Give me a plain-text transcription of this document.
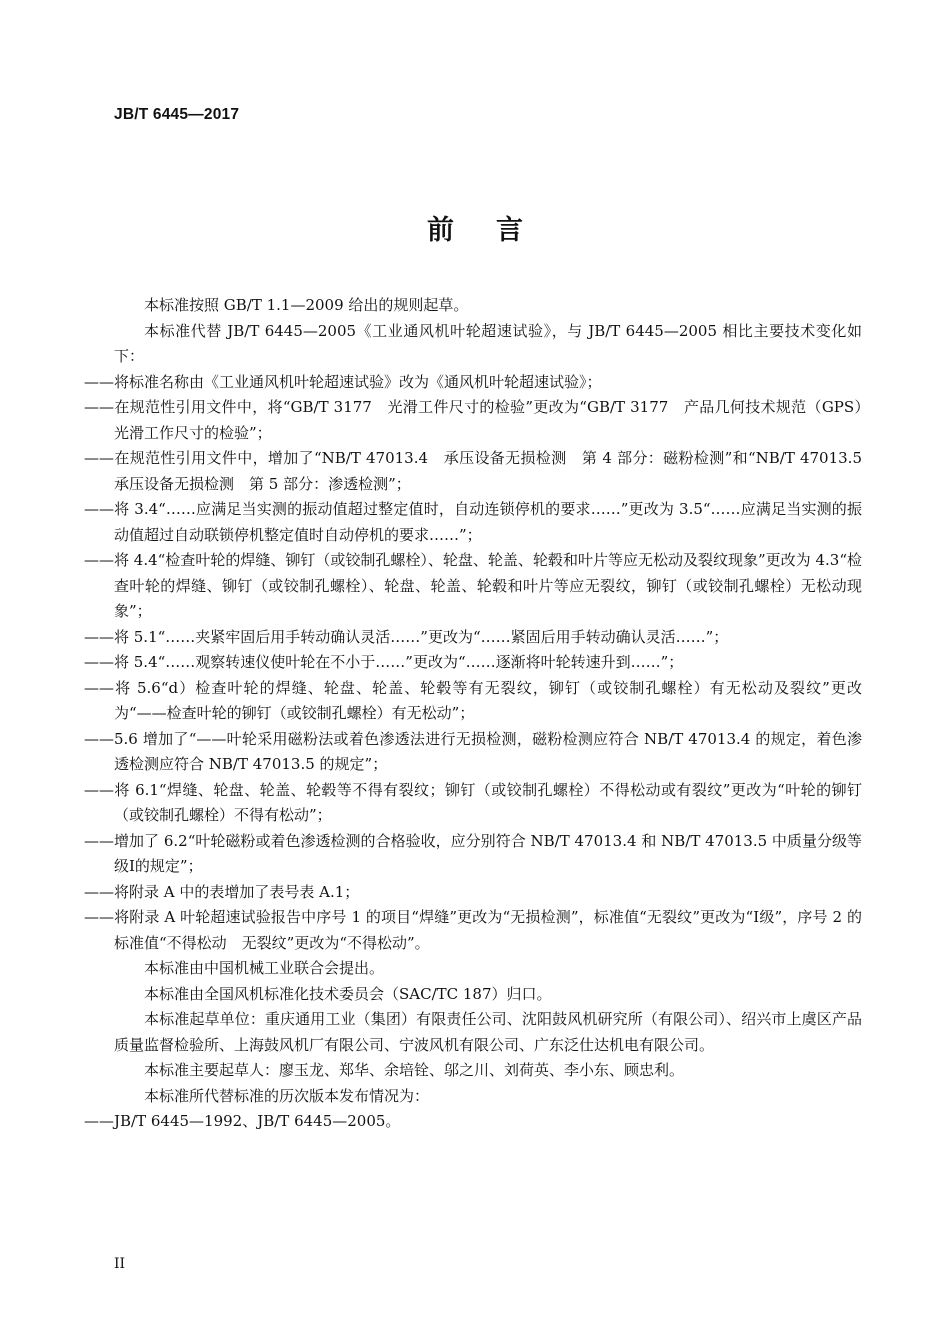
JB/T 6445—2017
前 言

本标准按照 GB/T 1.1—2009 给出的规则起草。

本标准代替 JB/T 6445—2005《工业通风机叶轮超速试验》，与 JB/T 6445—2005 相比主要技术变化如下：

——将标准名称由《工业通风机叶轮超速试验》改为《通风机叶轮超速试验》；

——在规范性引用文件中，将“GB/T 3177　光滑工件尺寸的检验”更改为“GB/T 3177　产品几何技术规范（GPS）　光滑工作尺寸的检验”；

——在规范性引用文件中，增加了“NB/T 47013.4　承压设备无损检测　第 4 部分：磁粉检测”和“NB/T 47013.5　承压设备无损检测　第 5 部分：渗透检测”；

——将 3.4“……应满足当实测的振动值超过整定值时，自动连锁停机的要求……”更改为 3.5“……应满足当实测的振动值超过自动联锁停机整定值时自动停机的要求……”；

——将 4.4“检查叶轮的焊缝、铆钉（或铰制孔螺栓）、轮盘、轮盖、轮毂和叶片等应无松动及裂纹现象”更改为 4.3“检查叶轮的焊缝、铆钉（或铰制孔螺栓）、轮盘、轮盖、轮毂和叶片等应无裂纹，铆钉（或铰制孔螺栓）无松动现象”；

——将 5.1“……夹紧牢固后用手转动确认灵活……”更改为“……紧固后用手转动确认灵活……”；

——将 5.4“……观察转速仪使叶轮在不小于……”更改为“……逐渐将叶轮转速升到……”；

——将 5.6“d）检查叶轮的焊缝、轮盘、轮盖、轮毂等有无裂纹，铆钉（或铰制孔螺栓）有无松动及裂纹”更改为“——检查叶轮的铆钉（或铰制孔螺栓）有无松动”；

——5.6 增加了“——叶轮采用磁粉法或着色渗透法进行无损检测，磁粉检测应符合 NB/T 47013.4 的规定，着色渗透检测应符合 NB/T 47013.5 的规定”；

——将 6.1“焊缝、轮盘、轮盖、轮毂等不得有裂纹；铆钉（或铰制孔螺栓）不得松动或有裂纹”更改为“叶轮的铆钉（或铰制孔螺栓）不得有松动”；

——增加了 6.2“叶轮磁粉或着色渗透检测的合格验收，应分别符合 NB/T 47013.4 和 NB/T 47013.5 中质量分级等级Ⅰ的规定”；

——将附录 A 中的表增加了表号表 A.1；

——将附录 A 叶轮超速试验报告中序号 1 的项目“焊缝”更改为“无损检测”，标准值“无裂纹”更改为“Ⅰ级”，序号 2 的标准值“不得松动　无裂纹”更改为“不得松动”。

本标准由中国机械工业联合会提出。

本标准由全国风机标准化技术委员会（SAC/TC 187）归口。

本标准起草单位：重庆通用工业（集团）有限责任公司、沈阳鼓风机研究所（有限公司）、绍兴市上虞区产品质量监督检验所、上海鼓风机厂有限公司、宁波风机有限公司、广东泛仕达机电有限公司。

本标准主要起草人：廖玉龙、郑华、余培铨、邬之川、刘荷英、李小东、顾忠利。

本标准所代替标准的历次版本发布情况为：

——JB/T 6445—1992、JB/T 6445—2005。

II
